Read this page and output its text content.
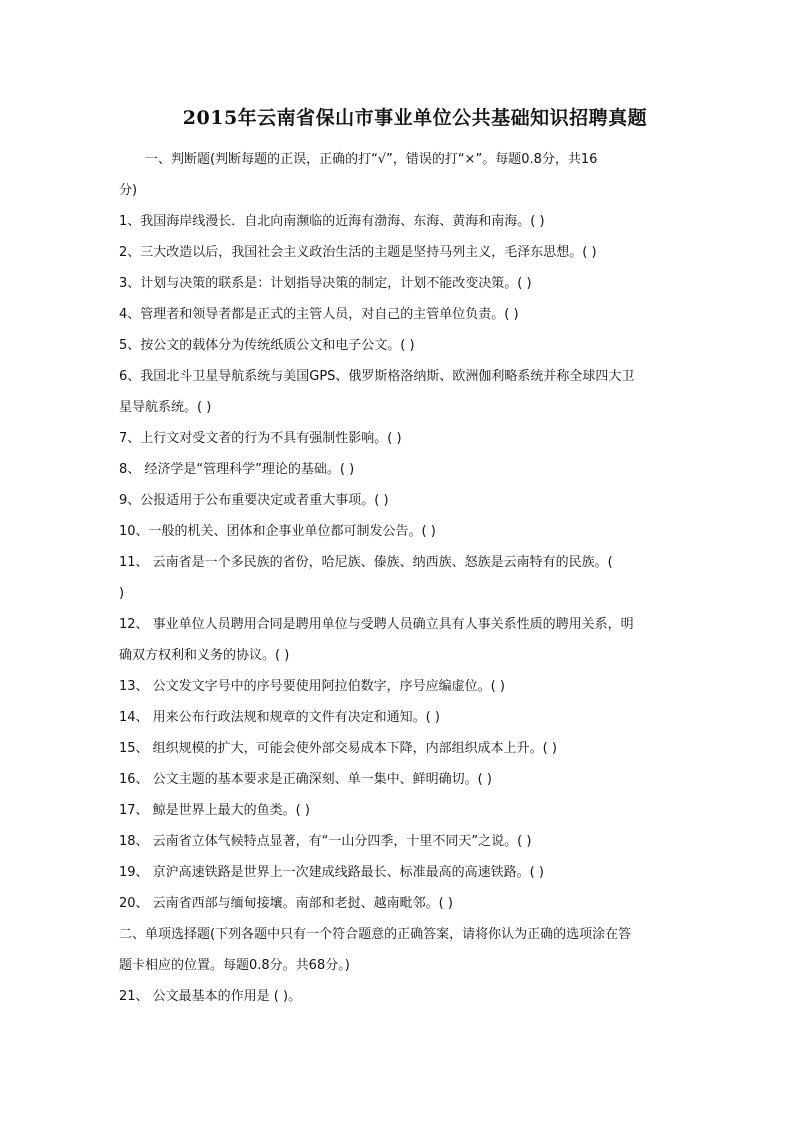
2015年云南省保山市事业单位公共基础知识招聘真题
一、判断题(判断每题的正误，正确的打“√”，错误的打“×”。每题0.8分，共16
分)
1、我国海岸线漫长．自北向南濒临的近海有渤海、东海、黄海和南海。( )
2、三大改造以后，我国社会主义政治生活的主题是坚持马列主义，毛泽东思想。( )
3、计划与决策的联系是：计划指导决策的制定，计划不能改变决策。( )
4、管理者和领导者都是正式的主管人员，对自己的主管单位负责。( )
5、按公文的载体分为传统纸质公文和电子公文。( )
6、我国北斗卫星导航系统与美国GPS、俄罗斯格洛纳斯、欧洲伽利略系统并称全球四大卫
星导航系统。( )
7、上行文对受文者的行为不具有强制性影响。( )
8、 经济学是“管理科学”理论的基础。( )
9、公报适用于公布重要决定或者重大事项。( )
10、一般的机关、团体和企事业单位都可制发公告。( )
11、 云南省是一个多民族的省份，哈尼族、傣族、纳西族、怒族是云南特有的民族。(
)
12、 事业单位人员聘用合同是聘用单位与受聘人员确立具有人事关系性质的聘用关系，明
确双方权利和义务的协议。( )
13、 公文发文字号中的序号要使用阿拉伯数字，序号应编虚位。( )
14、 用来公布行政法规和规章的文件有决定和通知。( )
15、 组织规模的扩大，可能会使外部交易成本下降，内部组织成本上升。( )
16、 公文主题的基本要求是正确深刻、单一集中、鲜明确切。( )
17、 鲸是世界上最大的鱼类。( )
18、 云南省立体气候特点显著，有“一山分四季，十里不同天”之说。( )
19、 京沪高速铁路是世界上一次建成线路最长、标准最高的高速铁路。( )
20、 云南省西部与缅甸接壤。南部和老挝、越南毗邻。( )
二、单项选择题(下列各题中只有一个符合题意的正确答案，请将你认为正确的选项涂在答
题卡相应的位置。每题0.8分。共68分。)
21、 公文最基本的作用是 ( )。
